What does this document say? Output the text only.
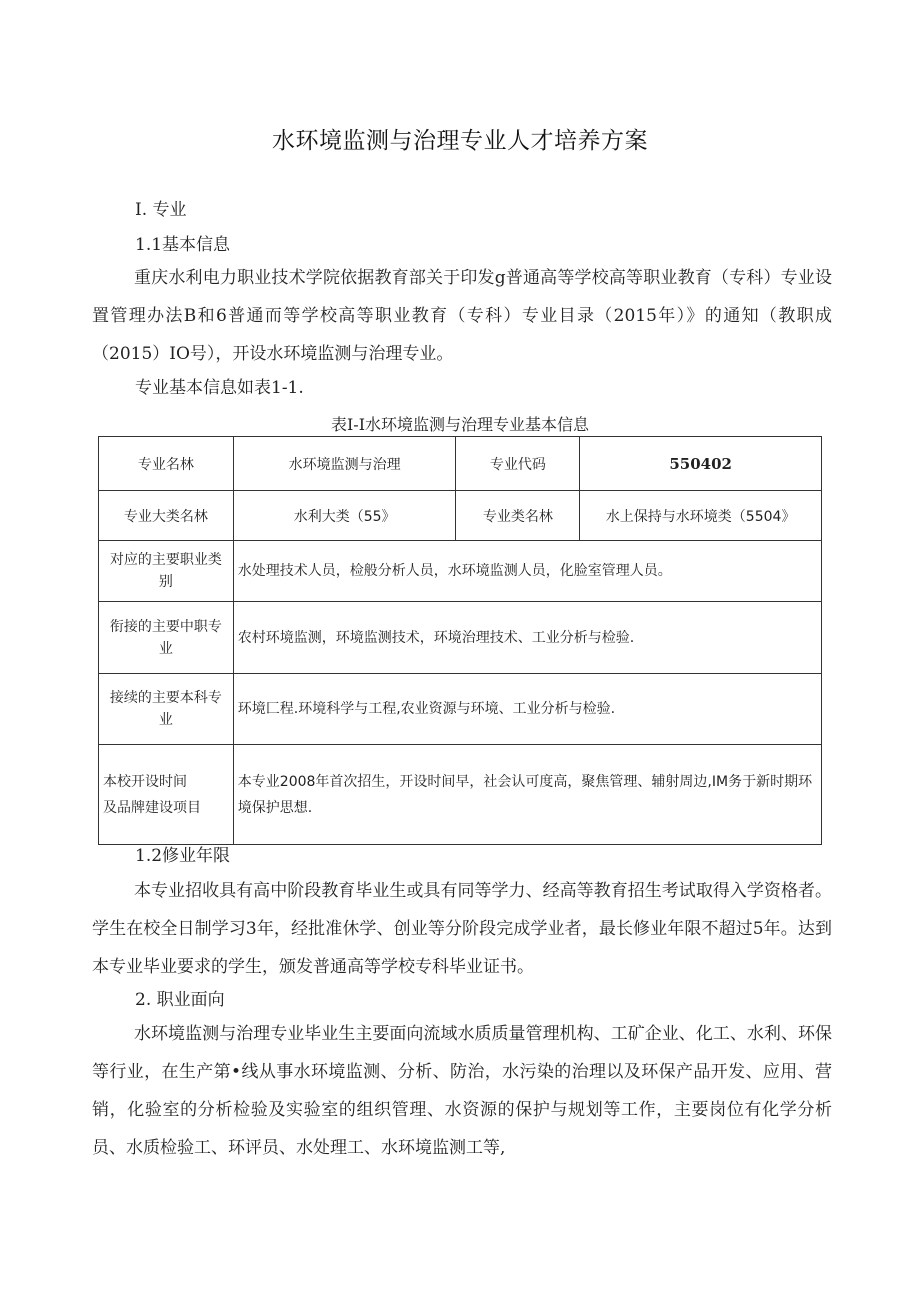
水环境监测与治理专业人才培养方案

I. 专业

1.1基本信息

重庆水利电力职业技术学院依据教育部关于印发g普通高等学校高等职业教育（专科）专业设置管理办法B和6普通而等学校高等职业教育（专科）专业目录（2015年）》的通知（教职成（2015）IO号），开设水环境监测与治理专业。

专业基本信息如表1-1.

表I-I水环境监测与治理专业基本信息
专业名林	水环境监测与治理	专业代码	550402
专业大类名林	水利大类（55》	专业类名林	水上保持与水环境类（5504》
对应的主要职业类别	水处理技术人员，检般分析人员，水环境监测人员，化脸室管理人员。		
衔接的主要中职专业	农村环境监测，环境监测技术，环境治理技术、工业分析与检验.		
接续的主要本科专业	环境匚程.环境科学与工程,农业资源与环境、工业分析与检验.		

本校开设时间
及品牌建设项目	本专业2008年首次招生，开设时间早，社会认可度高，聚焦管理、辅射周边,IM务于新时期环境保护思想.		

1.2修业年限

本专业招收具有高中阶段教育毕业生或具有同等学力、经高等教育招生考试取得入学资格者。学生在校全日制学习3年，经批准休学、创业等分阶段完成学业者，最长修业年限不超过5年。达到本专业毕业要求的学生，颁发普通高等学校专科毕业证书。

2. 职业面向

水环境监测与治理专业毕业生主要面向流域水质质量管理机构、工矿企业、化工、水利、环保等行业，在生产第•线从事水环境监测、分析、防治，水污染的治理以及环保产品开发、应用、营销，化验室的分析检验及实验室的组织管理、水资源的保护与规划等工作，主要岗位有化学分析员、水质检验工、环评员、水处理工、水环境监测工等,
